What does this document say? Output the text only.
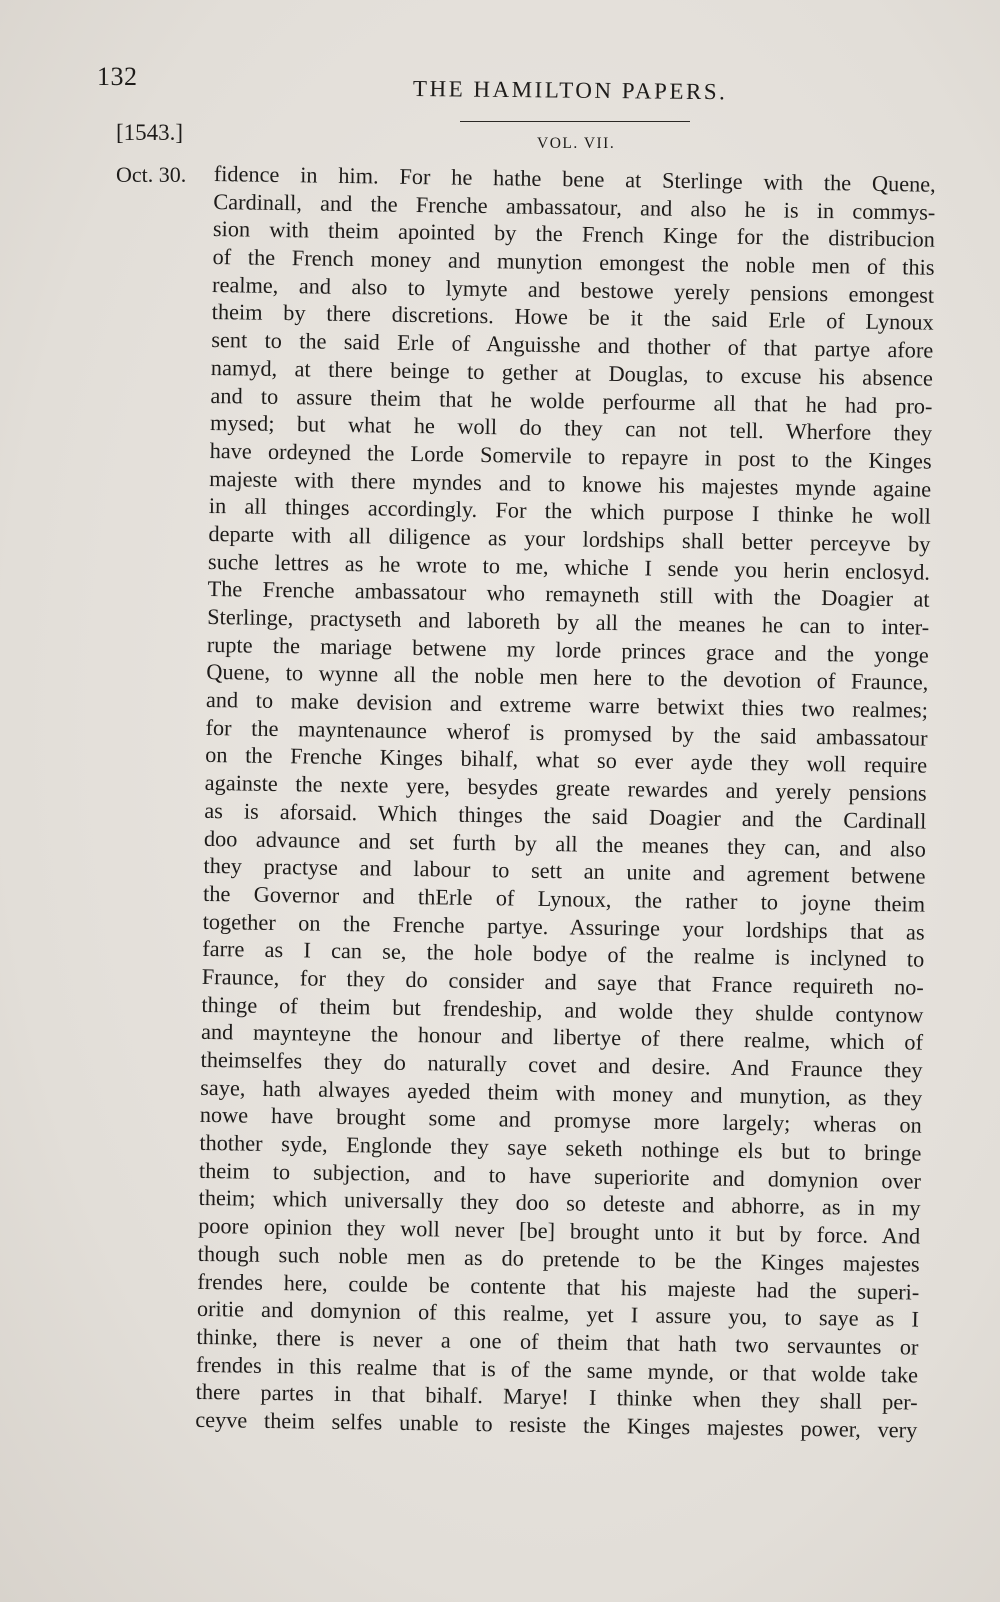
132	THE HAMILTON PAPERS.
[1543.]	VOL. VII.
Oct. 30. fidence in him. For he hathe bene at Sterlinge with the Quene,
Cardinall, and the Frenche ambassatour, and also he is in commys-
sion with theim apointed by the French Kinge for the distribucion
of the French money and munytion emongest the noble men of this
realme, and also to lymyte and bestowe yerely pensions emongest
theim by there discretions. Howe be it the said Erle of Lynoux
sent to the said Erle of Anguisshe and thother of that partye afore
namyd, at there beinge to gether at Douglas, to excuse his absence
and to assure theim that he wolde perfourme all that he had pro-
mysed; but what he woll do they can not tell. Wherfore they
have ordeyned the Lorde Somervile to repayre in post to the Kinges
majeste with there myndes and to knowe his majestes mynde againe
in all thinges accordingly. For the which purpose I thinke he woll
departe with all diligence as your lordships shall better perceyve by
suche lettres as he wrote to me, whiche I sende you herin enclosyd.
The Frenche ambassatour who remayneth still with the Doagier at
Sterlinge, practyseth and laboreth by all the meanes he can to inter-
rupte the mariage betwene my lorde princes grace and the yonge
Quene, to wynne all the noble men here to the devotion of Fraunce,
and to make devision and extreme warre betwixt thies two realmes;
for the mayntenaunce wherof is promysed by the said ambassatour
on the Frenche Kinges bihalf, what so ever ayde they woll require
againste the nexte yere, besydes greate rewardes and yerely pensions
as is aforsaid. Which thinges the said Doagier and the Cardinall
doo advaunce and set furth by all the meanes they can, and also
they practyse and labour to sett an unite and agrement betwene
the Governor and thErle of Lynoux, the rather to joyne theim
together on the Frenche partye. Assuringe your lordships that as
farre as I can se, the hole bodye of the realme is inclyned to
Fraunce, for they do consider and saye that France requireth no-
thinge of theim but frendeship, and wolde they shulde contynow
and maynteyne the honour and libertye of there realme, which of
theimselfes they do naturally covet and desire. And Fraunce they
saye, hath alwayes ayeded theim with money and munytion, as they
nowe have brought some and promyse more largely; wheras on
thother syde, Englonde they saye seketh nothinge els but to bringe
theim to subjection, and to have superiorite and domynion over
theim; which universally they doo so deteste and abhorre, as in my
poore opinion they woll never [be] brought unto it but by force. And
though such noble men as do pretende to be the Kinges majestes
frendes here, coulde be contente that his majeste had the superi-
oritie and domynion of this realme, yet I assure you, to saye as I
thinke, there is never a one of theim that hath two servauntes or
frendes in this realme that is of the same mynde, or that wolde take
there partes in that bihalf. Marye! I thinke when they shall per-
ceyve theim selfes unable to resiste the Kinges majestes power, very
